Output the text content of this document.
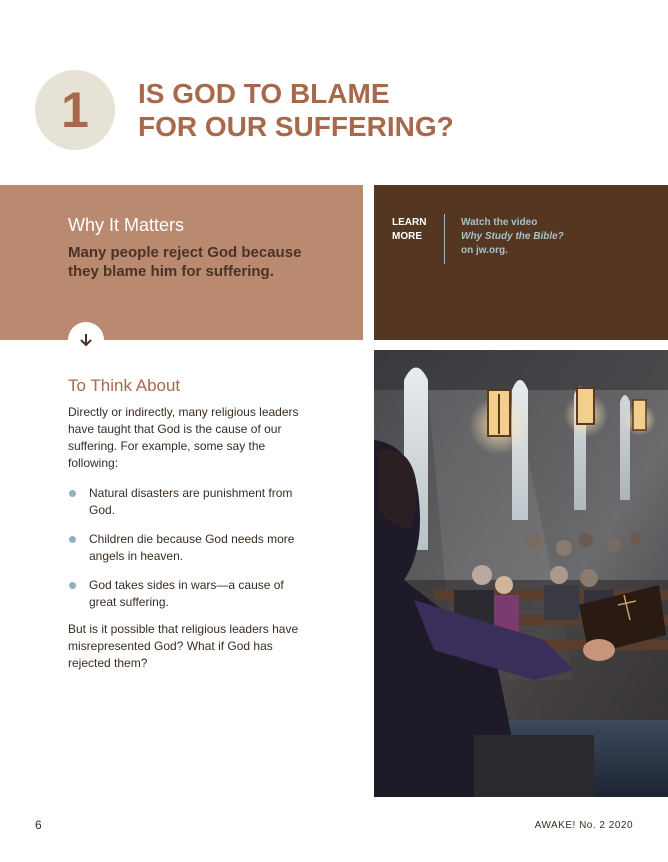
1 IS GOD TO BLAME
FOR OUR SUFFERING?
Why It Matters
Many people reject God because they blame him for suffering.
LEARN
MORE
Watch the video
Why Study the Bible?
on jw.org.
To Think About
Directly or indirectly, many religious leaders have taught that God is the cause of our suffering. For example, some say the following:
Natural disasters are punishment from God.
Children die because God needs more angels in heaven.
God takes sides in wars—a cause of great suffering.
But is it possible that religious leaders have misrepresented God? What if God has rejected them?
6	AWAKE! No. 2 2020
